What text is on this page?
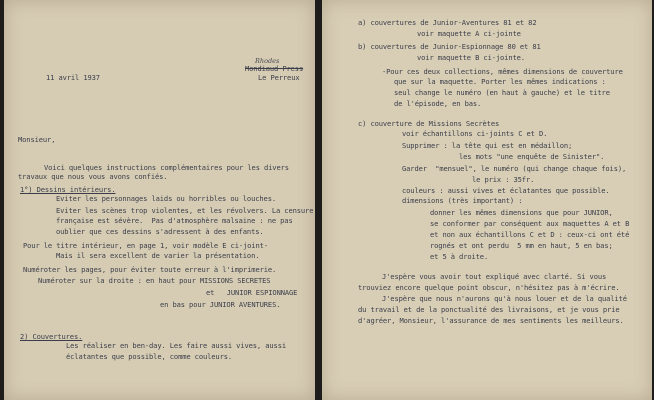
11 avril 1937
Rhodes
Mondiaud Press
Le Perreux
Monsieur,
Voici quelques instructions complémentaires pour les divers
travaux que nous vous avons confiés.
1°) Dessins intérieurs.
Eviter les personnages laids ou horribles ou louches.
Eviter les scènes trop violentes, et les révolvers. La censure
française est sévère.  Pas d'atmosphère malsaine : ne pas
oublier que ces dessins s'adressent à des enfants.
Pour le titre intérieur, en page 1, voir modèle E ci-joint-
Mais il sera excellent de varier la présentation.
Numéroter les pages, pour éviter toute erreur à l'imprimerie.
Numéroter sur la droite : en haut pour MISSIONS SECRETES
et   JUNIOR ESPIONNAGE
en bas pour JUNIOR AVENTURES.
2) Couvertures.
Les réaliser en ben-day. Les faire aussi vives, aussi
éclatantes que possible, comme couleurs.
a) couvertures de Junior-Aventures 81 et 82
voir maquette A ci-jointe
b) couvertures de Junior-Espionnage 80 et 81
voir maquette B ci-jointe.
-Pour ces deux collections, mêmes dimensions de couverture
que sur la maquette. Porter les mêmes indications :
seul change le numéro (en haut à gauche) et le titre
de l'épisode, en bas.
c) couverture de Missions Secrètes
voir échantillons ci-joints C et D.
Supprimer : la tête qui est en médaillon;
les mots "une enquête de Sinister".
Garder  "mensuel", le numéro (qui change chaque fois),
le prix : 35fr.
couleurs : aussi vives et éclatantes que possible.
dimensions (très important) :
donner les mêmes dimensions que pour JUNIOR,
se conformer par conséquent aux maquettes A et B
et non aux échantillons C et D : ceux-ci ont été
rognés et ont perdu  5 mm en haut, 5 en bas;
et 5 à droite.
J'espère vous avoir tout expliqué avec clarté. Si vous
trouviez encore quelque point obscur, n'hésitez pas à m'écrire.
J'espère que nous n'aurons qu'à nous louer et de la qualité
du travail et de la ponctualité des livraisons, et je vous prie
d'agréer, Monsieur, l'assurance de mes sentiments les meilleurs.
